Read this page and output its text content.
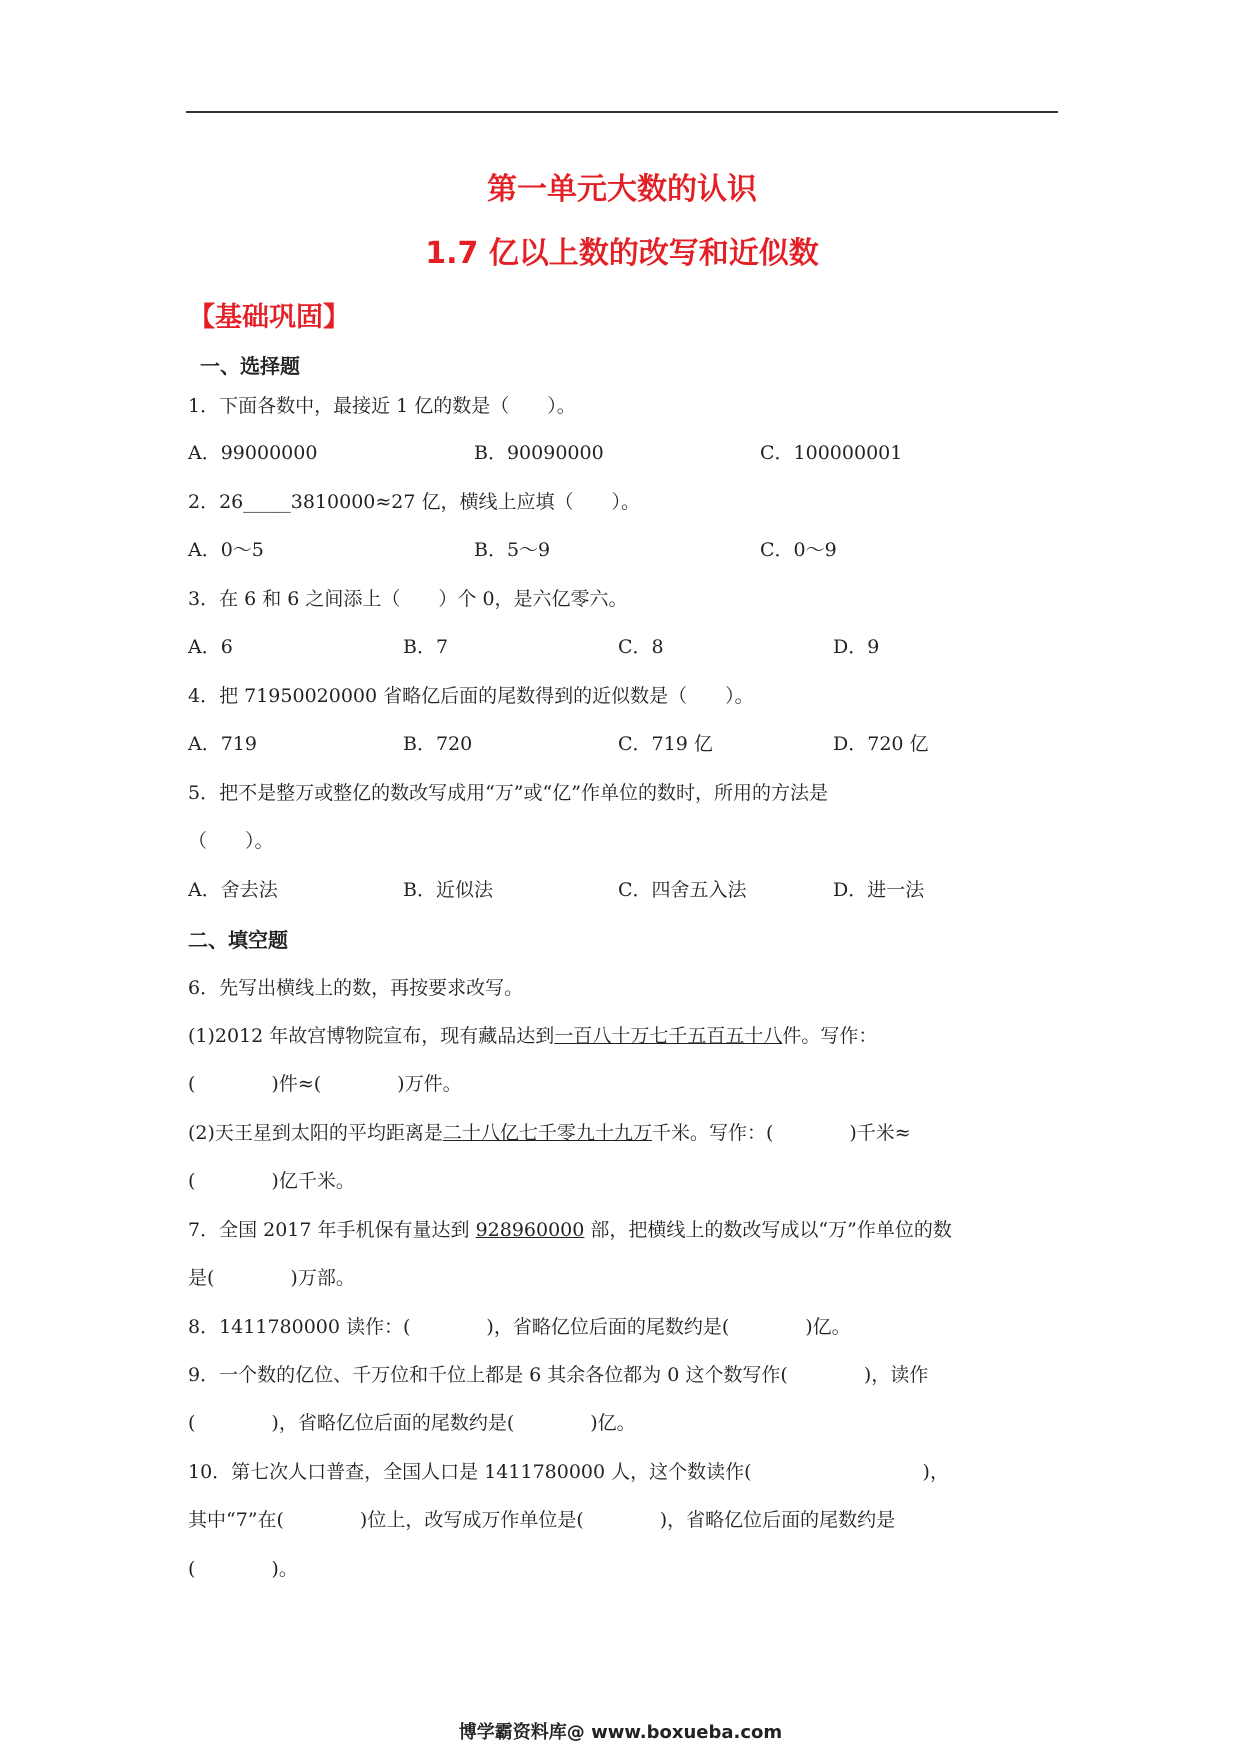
第一单元大数的认识
1.7 亿以上数的改写和近似数
【基础巩固】
一、选择题
1．下面各数中，最接近 1 亿的数是（　　）。
A．99000000	B．90090000	C．100000001
2．26_____3810000≈27 亿，横线上应填（　　）。
A．0～5	B．5～9	C．0～9
3．在 6 和 6 之间添上（　　）个 0，是六亿零六。
A．6	B．7	C．8	D．9
4．把 71950020000 省略亿后面的尾数得到的近似数是（　　）。
A．719	B．720	C．719 亿	D．720 亿
5．把不是整万或整亿的数改写成用“万”或“亿”作单位的数时，所用的方法是
（　　）。
A．舍去法	B．近似法	C．四舍五入法	D．进一法
二、填空题
6．先写出横线上的数，再按要求改写。
(1)2012 年故宫博物院宣布，现有藏品达到一百八十万七千五百五十八件。写作：
(　　　　)件≈(　　　　)万件。
(2)天王星到太阳的平均距离是二十八亿七千零九十九万千米。写作：(　　　　)千米≈
(　　　　)亿千米。
7．全国 2017 年手机保有量达到 928960000 部，把横线上的数改写成以“万”作单位的数
是(　　　　)万部。
8．1411780000 读作：(　　　　)，省略亿位后面的尾数约是(　　　　)亿。
9．一个数的亿位、千万位和千位上都是 6 其余各位都为 0 这个数写作(　　　　)，读作
(　　　　)，省略亿位后面的尾数约是(　　　　)亿。
10．第七次人口普查，全国人口是 1411780000 人，这个数读作(　　　　　　　　　)，
其中“7”在(　　　　)位上，改写成万作单位是(　　　　)，省略亿位后面的尾数约是
(　　　　)。
博学霸资料库@ www.boxueba.com
